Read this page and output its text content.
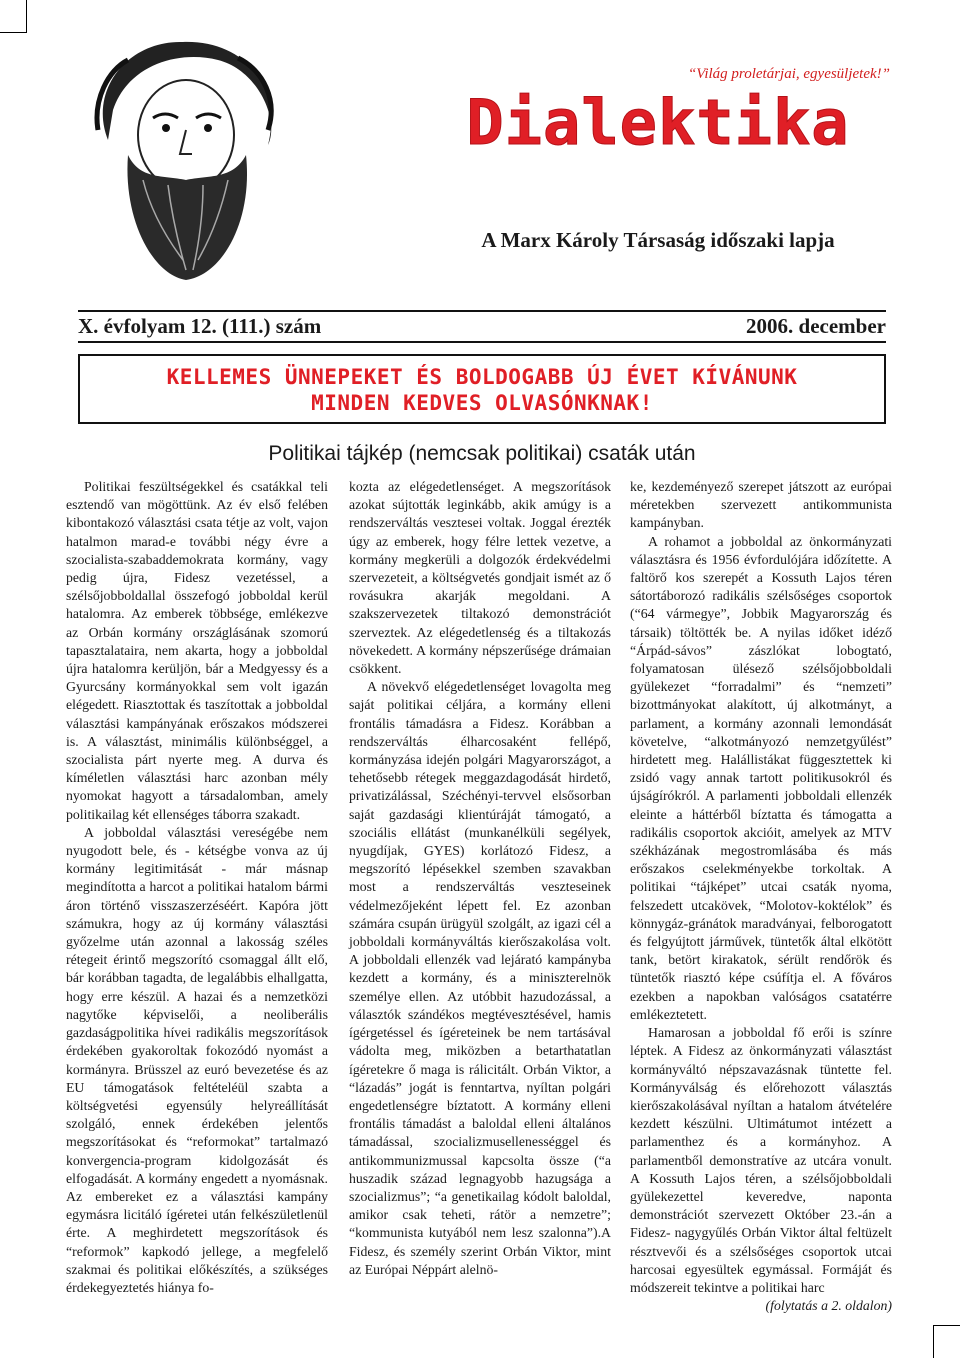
“Világ proletárjai, egyesüljetek!”
Dialektika
A Marx Károly Társaság időszaki lapja
X. évfolyam 12. (111.) szám	2006. december
KELLEMES ÜNNEPEKET ÉS BOLDOGABB ÚJ ÉVET KÍVÁNUNK
MINDEN KEDVES OLVASÓNKNAK!
Politikai tájkép (nemcsak politikai) csaták után

Politikai feszültségekkel és csatákkal teli esztendő van mögöttünk. Az év első felében kibontakozó választási csata tétje az volt, vajon hatalmon marad-e további négy évre a szocialista-szabaddemokrata kormány, vagy pedig újra, Fidesz vezetéssel, a szélsőjobboldallal összefogó jobboldal kerül hatalomra. Az emberek többsége, emlékezve az Orbán kormány országlásának szomorú tapasztalataira, nem akarta, hogy a jobboldal újra hatalomra kerüljön, bár a Medgyessy és a Gyurcsány kormányokkal sem volt igazán elégedett. Riasztottak és taszítottak a jobboldal választási kampányának erőszakos módszerei is. A választást, minimális különbséggel, a szocialista párt nyerte meg. A durva és kíméletlen választási harc azonban mély nyomokat hagyott a társadalomban, amely politikailag két ellenséges táborra szakadt.

A jobboldal választási vereségébe nem nyugodott bele, és - kétségbe vonva az új kormány legitimitását - már másnap megindította a harcot a politikai hatalom bármi áron történő visszaszerzéséért. Kapóra jött számukra, hogy az új kormány választási győzelme után azonnal a lakosság széles rétegeit érintő megszorító csomaggal állt elő, bár korábban tagadta, de legalábbis elhallgatta, hogy erre készül. A hazai és a nemzetközi nagytőke képviselői, a neoliberális gazdaságpolitika hívei radikális megszorítások érdekében gyakoroltak fokozódó nyomást a kormányra. Brüsszel az euró bevezetése és az EU támogatások feltételéül szabta a költségvetési egyensúly helyreállítását szolgáló, ennek érdekében jelentős megszorításokat és “reformokat” tartalmazó konvergencia-program kidolgozását és elfogadását. A kormány engedett a nyomásnak. Az embereket ez a választási kampány egymásra licitáló ígéretei után felkészületlenül érte. A meghirdetett megszorítások és “reformok” kapkodó jellege, a megfelelő szakmai és politikai előkészítés, a szükséges érdekegyeztetés hiánya fo-

kozta az elégedetlenséget. A megszorítások azokat sújtották leginkább, akik amúgy is a rendszerváltás vesztesei voltak. Joggal érezték úgy az emberek, hogy félre lettek vezetve, a kormány megkerüli a dolgozók érdekvédelmi szervezeteit, a költségvetés gondjait ismét az ő rovásukra akarják megoldani. A szakszervezetek tiltakozó demonstrációt szerveztek. Az elégedetlenség és a tiltakozás növekedett. A kormány népszerűsége drámaian csökkent.

A növekvő elégedetlenséget lovagolta meg saját politikai céljára, a kormány elleni frontális támadásra a Fidesz. Korábban a rendszerváltás élharcosaként fellépő, kormányzása idején polgári Magyarországot, a tehetősebb rétegek meggazdagodását hirdető, privatizálással, Széchényi-tervvel elsősorban saját gazdasági klientúráját támogató, a szociális ellátást (munkanélküli segélyek, nyugdíjak, GYES) korlátozó Fidesz, a megszorító lépésekkel szemben szavakban most a rendszerváltás veszteseinek védelmezőjeként lépett fel. Ez azonban számára csupán ürügyül szolgált, az igazi cél a jobboldali kormányváltás kierőszakolása volt. A jobboldali ellenzék vad lejárató kampányba kezdett a kormány, és a miniszterelnök személye ellen. Az utóbbit hazudozással, a választók szándékos megtévesztésével, hamis ígérgetéssel és ígéreteinek be nem tartásával vádolta meg, miközben a betarthatatlan ígéretekre ő maga is rálicitált. Orbán Viktor, a “lázadás” jogát is fenntartva, nyíltan polgári engedetlenségre bíztatott. A kormány elleni frontális támadást a baloldal elleni általános támadással, szocializmusellenességgel és antikommunizmussal kapcsolta össze (“a huszadik század legnagyobb hazugsága a szocializmus”; “a genetikailag kódolt baloldal, amikor csak teheti, rátör a nemzetre”; “kommunista kutyából nem lesz szalonna”).A Fidesz, és személy szerint Orbán Viktor, mint az Európai Néppárt alelnö-

ke, kezdeményező szerepet játszott az európai méretekben szervezett antikommunista kampányban.

A rohamot a jobboldal az önkormányzati választásra és 1956 évfordulójára időzítette. A faltörő kos szerepét a Kossuth Lajos téren sátortáborozó radikális szélsőséges csoportok (“64 vármegye”, Jobbik Magyarország és társaik) töltötték be. A nyilas időket idéző “Árpád-sávos” zászlókat lobogtató, folyamatosan ülésező szélsőjobboldali gyülekezet “forradalmi” és “nemzeti” bizottmányokat alakított, új alkotmányt, a parlament, a kormány azonnali lemondását követelve, “alkotmányozó nemzetgyűlést” hirdetett meg. Halállistákat függesztettek ki zsidó vagy annak tartott politikusokról és újságírókról. A parlamenti jobboldali ellenzék eleinte a háttérből bíztatta és támogatta a radikális csoportok akcióit, amelyek az MTV székházának megostromlásába és más erőszakos cselekményekbe torkoltak. A politikai “tájképet” utcai csaták nyoma, felszedett utcakövek, “Molotov-koktélok” és könnygáz-gránátok maradványai, felborogatott és felgyújtott járművek, tüntetők által elkötött tank, betört kirakatok, sérült rendőrök és tüntetők riasztó képe csúfítja el. A főváros ezekben a napokban valóságos csatatérre emlékeztetett.

Hamarosan a jobboldal fő erői is színre léptek. A Fidesz az önkormányzati választást kormányváltó népszavazásnak tüntette fel. Kormányválság és előrehozott választás kierőszakolásával nyíltan a hatalom átvételére kezdett készülni. Ultimátumot intézett a parlamenthez és a kormányhoz. A parlamentből demonstratíve az utcára vonult. A Kossuth Lajos téren, a szélsőjobboldali gyülekezettel keveredve, naponta demonstrációt szervezett Október 23.-án a Fidesz- nagygyűlés Orbán Viktor által feltüzelt résztvevői és a szélsőséges csoportok utcai harcosai egyesültek egymással. Formáját és módszereit tekintve a politikai harc

(folytatás a 2. oldalon)
